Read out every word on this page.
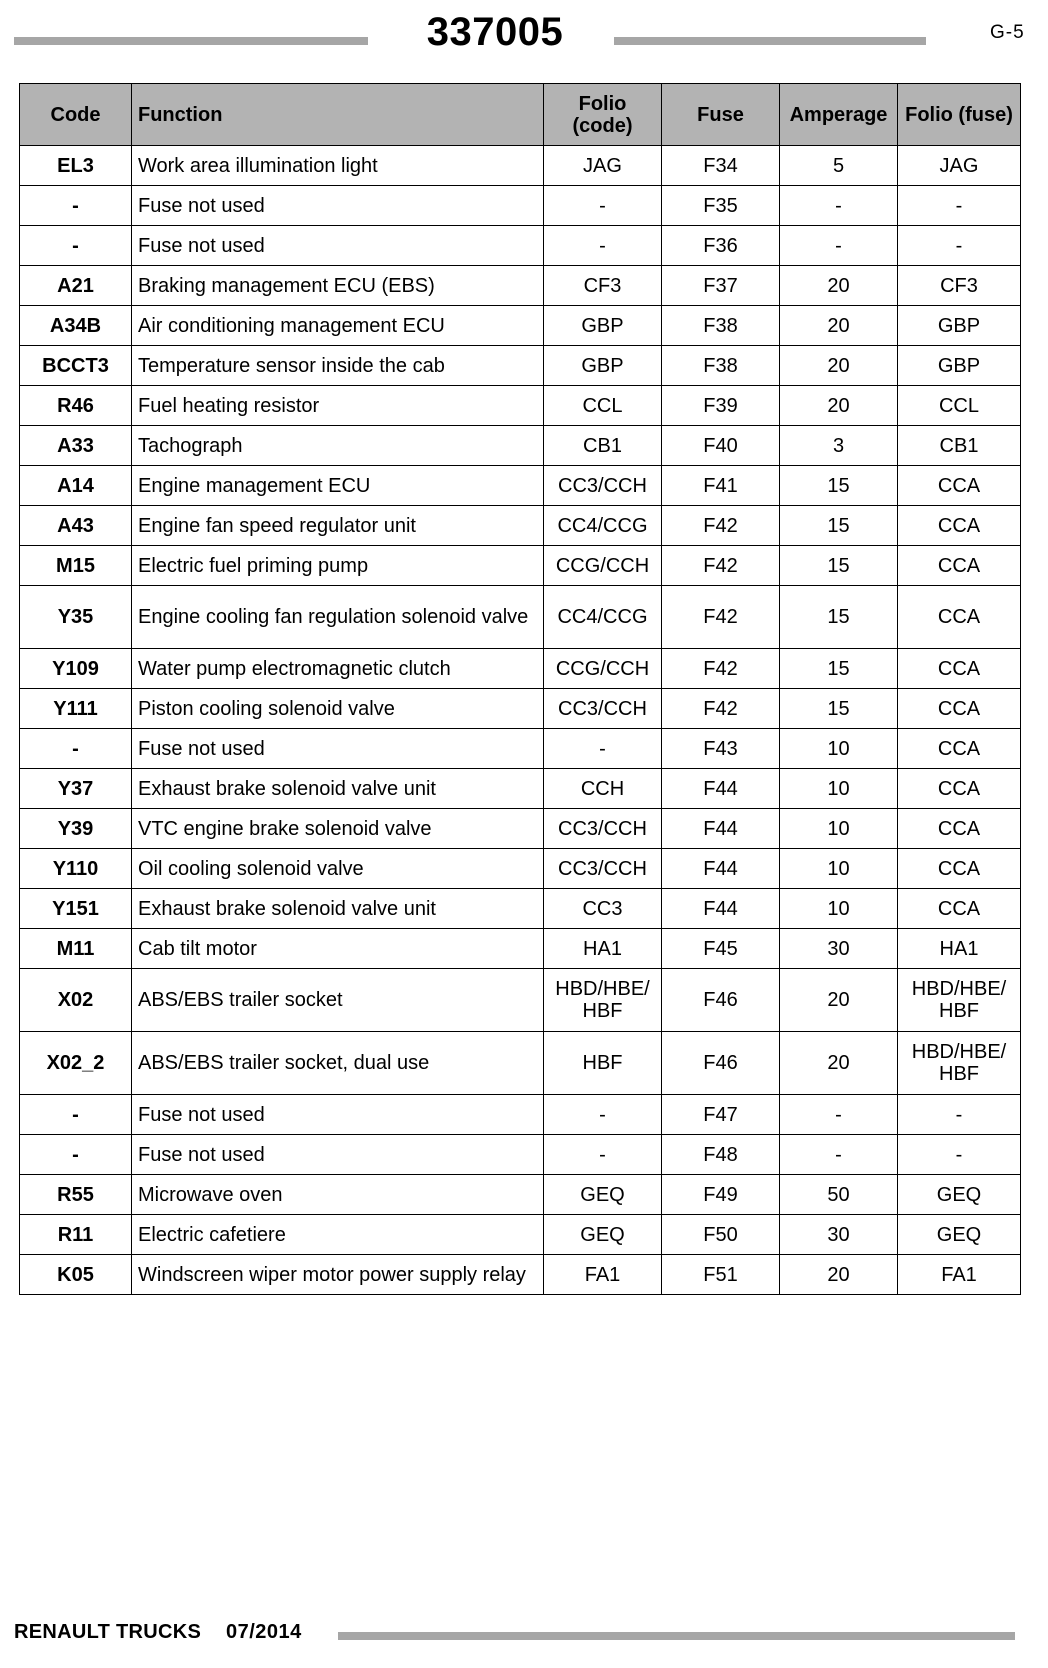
337005	G-5
Code	Function	Folio (code)	Fuse	Amperage	Folio (fuse)
EL3	Work area illumination light	JAG	F34	5	JAG
-	Fuse not used	-	F35	-	-
-	Fuse not used	-	F36	-	-
A21	Braking management ECU (EBS)	CF3	F37	20	CF3
A34B	Air conditioning management ECU	GBP	F38	20	GBP
BCCT3	Temperature sensor inside the cab	GBP	F38	20	GBP
R46	Fuel heating resistor	CCL	F39	20	CCL
A33	Tachograph	CB1	F40	3	CB1
A14	Engine management ECU	CC3/CCH	F41	15	CCA
A43	Engine fan speed regulator unit	CC4/CCG	F42	15	CCA
M15	Electric fuel priming pump	CCG/CCH	F42	15	CCA
Y35	Engine cooling fan regulation solenoid valve	CC4/CCG	F42	15	CCA
Y109	Water pump electromagnetic clutch	CCG/CCH	F42	15	CCA
Y111	Piston cooling solenoid valve	CC3/CCH	F42	15	CCA
-	Fuse not used	-	F43	10	CCA
Y37	Exhaust brake solenoid valve unit	CCH	F44	10	CCA
Y39	VTC engine brake solenoid valve	CC3/CCH	F44	10	CCA
Y110	Oil cooling solenoid valve	CC3/CCH	F44	10	CCA
Y151	Exhaust brake solenoid valve unit	CC3	F44	10	CCA
M11	Cab tilt motor	HA1	F45	30	HA1
X02	ABS/EBS trailer socket	HBD/HBE/ HBF	F46	20	HBD/HBE/ HBF
X02_2	ABS/EBS trailer socket, dual use	HBF	F46	20	HBD/HBE/ HBF
-	Fuse not used	-	F47	-	-
-	Fuse not used	-	F48	-	-
R55	Microwave oven	GEQ	F49	50	GEQ
R11	Electric cafetiere	GEQ	F50	30	GEQ
K05	Windscreen wiper motor power supply relay	FA1	F51	20	FA1
RENAULT TRUCKS 07/2014
